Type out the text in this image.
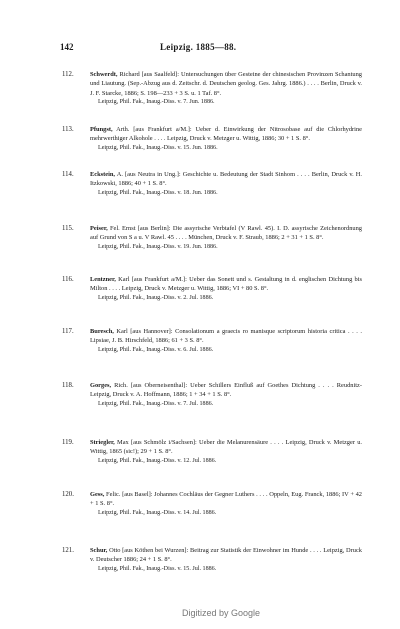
142	Leipzig. 1885—88.
112.	Schwerdt, Richard [aus Saalfeld]: Untersuchungen über Gesteine der chinesischen Provinzen Schantung und Liautung. (Sep.-Abzug aus d. Zeitschr. d. Deutschen geolog. Ges. Jahrg. 1886.) . . . . Berlin, Druck v. J. F. Starcke, 1886; S. 198—233 + 3 S. u. 1 Taf. 8°.
Leipzig, Phil. Fak., Inaug.-Diss. v. 7. Jun. 1886.
113.	Pfungst, Arth. [aus Frankfurt a/M.]: Ueber d. Einwirkung der Nitrosobase auf die Chlorhydrine mehrwerthiger Alkohole . . . . Leipzig, Druck v. Metzger u. Wittig, 1886; 30 + 1 S. 8°.
Leipzig, Phil. Fak., Inaug.-Diss. v. 15. Jun. 1886.
114.	Eckstein, A. [aus Neutra in Ung.]: Geschichte u. Bedeutung der Stadt Sinhom . . . . Berlin, Druck v. H. Itzkowski, 1886; 40 + 1 S. 8°.
Leipzig, Phil. Fak., Inaug.-Diss. v. 18. Jun. 1886.
115.	Peiser, Fel. Ernst [aus Berlin]: Die assyrische Verbtafel (V Rawl. 45). I. D. assyrische Zeichenordnung auf Grund von S a u. V Rawl. 45 . . . . München, Druck v. F. Straub, 1886; 2 + 31 + 1 S. 8°.
Leipzig, Phil. Fak., Inaug.-Diss. v. 19. Jun. 1886.
116.	Lentzner, Karl [aus Frankfurt a/M.]: Ueber das Sonett und s. Gestaltung in d. englischen Dichtung bis Milton . . . . Leipzig, Druck v. Metzger u. Wittig, 1886; VI + 80 S. 8°.
Leipzig, Phil. Fak., Inaug.-Diss. v. 2. Jul. 1886.
117.	Buresch, Karl [aus Hannover]: Consolationum a graecis ro manisque scriptorum historia critica . . . . Lipsiae, J. B. Hirschfeld, 1886; 61 + 3 S. 8°.
Leipzig, Phil. Fak., Inaug.-Diss. v. 6. Jul. 1886.
118.	Gorges, Rich. [aus Oberneisenthal]: Ueber Schillers Einfluß auf Goethes Dichtung . . . . Reudnitz-Leipzig, Druck v. A. Hoffmann, 1886; 1 + 34 + 1 S. 8°.
Leipzig, Phil. Fak., Inaug.-Diss. v. 7. Jul. 1886.
119.	Striegler, Max [aus Schmölz i/Sachsen]: Ueber die Melanurensäure . . . . Leipzig, Druck v. Metzger u. Wittig, 1865 (sic!); 29 + 1 S. 8°.
Leipzig, Phil. Fak., Inaug.-Diss. v. 12. Jul. 1886.
120.	Gess, Felic. [aus Basel]: Johannes Cochläus der Gegner Luthers . . . . Oppeln, Eug. Franck, 1886; IV + 42 + 1 S. 8°.
Leipzig, Phil. Fak., Inaug.-Diss. v. 14. Jul. 1886.
121.	Schur, Otto [aus Köthen bei Wurzen]: Beitrag zur Statistik der Einwohner im Hunde . . . . Leipzig, Druck v. Deutscher 1886; 24 + 1 S. 8°.
Leipzig, Phil. Fak., Inaug.-Diss. v. 15. Jul. 1886.
Digitized by Google
